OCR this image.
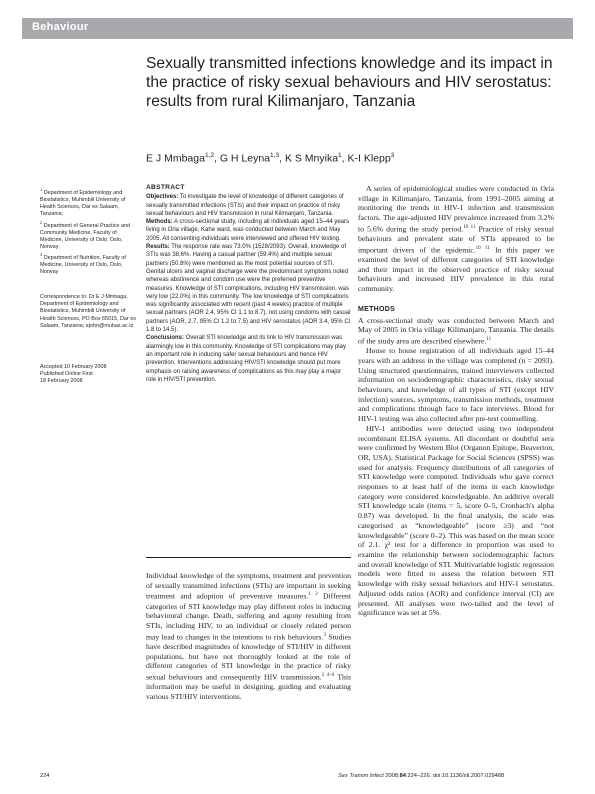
Behaviour
Sexually transmitted infections knowledge and its impact in the practice of risky sexual behaviours and HIV serostatus: results from rural Kilimanjaro, Tanzania
E J Mmbaga$^{1,2}$, G H Leyna$^{1,3}$, K S Mnyika$^1$, K-I Klepp$^3$

$^1$ Department of Epidemiology and Biostatistics, Muhimbili University of Health Sciences, Dar es Salaam, Tanzania;

$^2$ Department of General Practice and Community Medicine, Faculty of Medicine, University of Oslo, Oslo, Norway;

$^3$ Department of Nutrition, Faculty of Medicine, University of Oslo, Oslo, Norway

Correspondence to: Dr E J Mmbaga, Department of Epidemiology and Biostatistics, Muhimbili University of Health Sciences, PO Box 65015, Dar es Salaam, Tanzania; ejohn@muhas.ac.tz

Accepted 10 February 2008

Published Online First

18 February 2008

ABSTRACT

Objectives: To investigate the level of knowledge of different categories of sexually transmitted infections (STIs) and their impact on practice of risky sexual behaviours and HIV transmission in rural Kilimanjaro, Tanzania.

Methods: A cross-sectional study, including all individuals aged 15–44 years living in Oria village, Kahe ward, was conducted between March and May 2005. All consenting individuals were interviewed and offered HIV testing.

Results: The response rate was 73.0% (1528/2093). Overall, knowledge of STIs was 38.6%. Having a casual partner (59.4%) and multiple sexual partners (50.8%) were mentioned as the most potential sources of STI. Genital ulcers and vaginal discharge were the predominant symptoms noted whereas abstinence and condom use were the preferred preventive measures. Knowledge of STI complications, including HIV transmission, was very low (22.0%) in this community. The low knowledge of STI complications was significantly associated with recent (past 4 weeks) practice of multiple sexual partners (AOR 2.4, 95% CI 1.1 to 8.7), not using condoms with casual partners (AOR, 2.7, 95% CI 1.2 to 7.5) and HIV serostatus (AOR 3.4, 95% CI 1.8 to 14.5).

Conclusions: Overall STI knowledge and its link to HIV transmission was alarmingly low in this community. Knowledge of STI complications may play an important role in inducing safer sexual behaviours and hence HIV prevention. Interventions addressing HIV/STI knowledge should put more emphasis on raising awareness of complications as this may play a major role in HIV/STI prevention.

Individual knowledge of the symptoms, treatment and prevention of sexually transmitted infections (STIs) are important in seeking treatment and adoption of preventive measures.$^{1 2}$ Different categories of STI knowledge may play different roles in inducing behavioural change. Death, suffering and agony resulting from STIs, including HIV, to an individual or closely related person may lead to changes in the intentions to risk behaviours.$^3$ Studies have described magnitudes of knowledge of STI/HIV in different populations, but have not thoroughly looked at the role of different categories of STI knowledge in the practice of risky sexual behaviours and consequently HIV transmission.$^{2 4-6}$ This information may be useful in designing, guiding and evaluating various STI/HIV interventions.

A series of epidemiological studies were conducted in Oria village in Kilimanjaro, Tanzania, from 1991–2005 aiming at monitoring the trends in HIV-1 infection and transmission factors. The age-adjusted HIV prevalence increased from 3.2% to 5.6% during the study period.$^{10 11}$ Practice of risky sexual behaviours and prevalent state of STIs appeared to be important drivers of the epidemic.$^{10 11}$ In this paper we examined the level of different categories of STI knowledge and their impact in the observed practice of risky sexual behaviours and increased HIV prevalence in this rural community.

METHODS

A cross-sectional study was conducted between March and May of 2005 in Oria village Kilimanjaro, Tanzania. The details of the study area are described elsewhere.$^{11}$

House to house registration of all individuals aged 15–44 years with an address in the village was completed (n = 2093). Using structured questionnaires, trained interviewers collected information on sociodemographic characteristics, risky sexual behaviours, and knowledge of all types of STI (except HIV infection) sources, symptoms, transmission methods, treatment and complications through face to face interviews. Blood for HIV-1 testing was also collected after pre-test counselling.

HIV-1 antibodies were detected using two independent recombinant ELISA systems. All discordant or doubtful sera were confirmed by Western Blot (Organon Epitope, Beaverton, OR, USA). Statistical Package for Social Sciences (SPSS) was used for analysis. Frequency distributions of all categories of STI knowledge were computed. Individuals who gave correct responses to at least half of the items in each knowledge category were considered knowledgeable. An additive overall STI knowledge scale (items = 5, score 0–5, Cronbach's alpha 0.87) was developed. In the final analysis, the scale was categorised as “knowledgeable” (score ≥3) and “not knowledgeable” (score 0–2). This was based on the mean score of 2.1. χ² test for a difference in proportion was used to examine the relationship between sociodemographic factors and overall knowledge of STI. Multivariable logistic regression models were fitted to assess the relation between STI knowledge with risky sexual behaviors and HIV-1 serostatus. Adjusted odds ratios (AOR) and confidence interval (CI) are presented. All analyses were two-tailed and the level of significance was set at 5%.

224	Sex Transm Infect 2008;84:224–226. doi:10.1136/sti.2007.029488
